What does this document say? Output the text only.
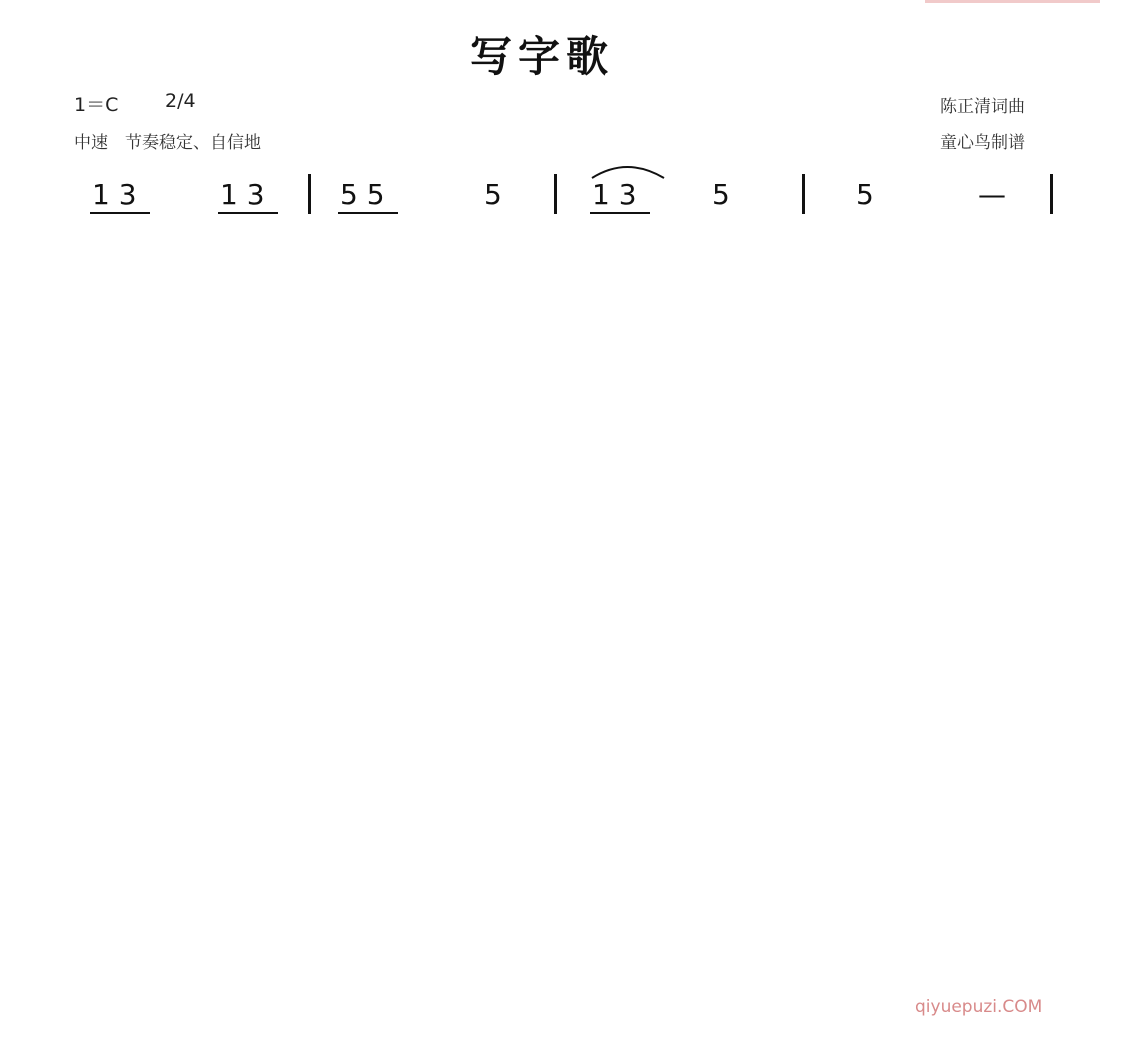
写字歌
1＝C 2/4
中速　节奏稳定、自信地
陈正清词曲
童心鸟制谱
1 3	1 3	5 5	5	1 3	5	5	—
qiyuepuzi.COM
